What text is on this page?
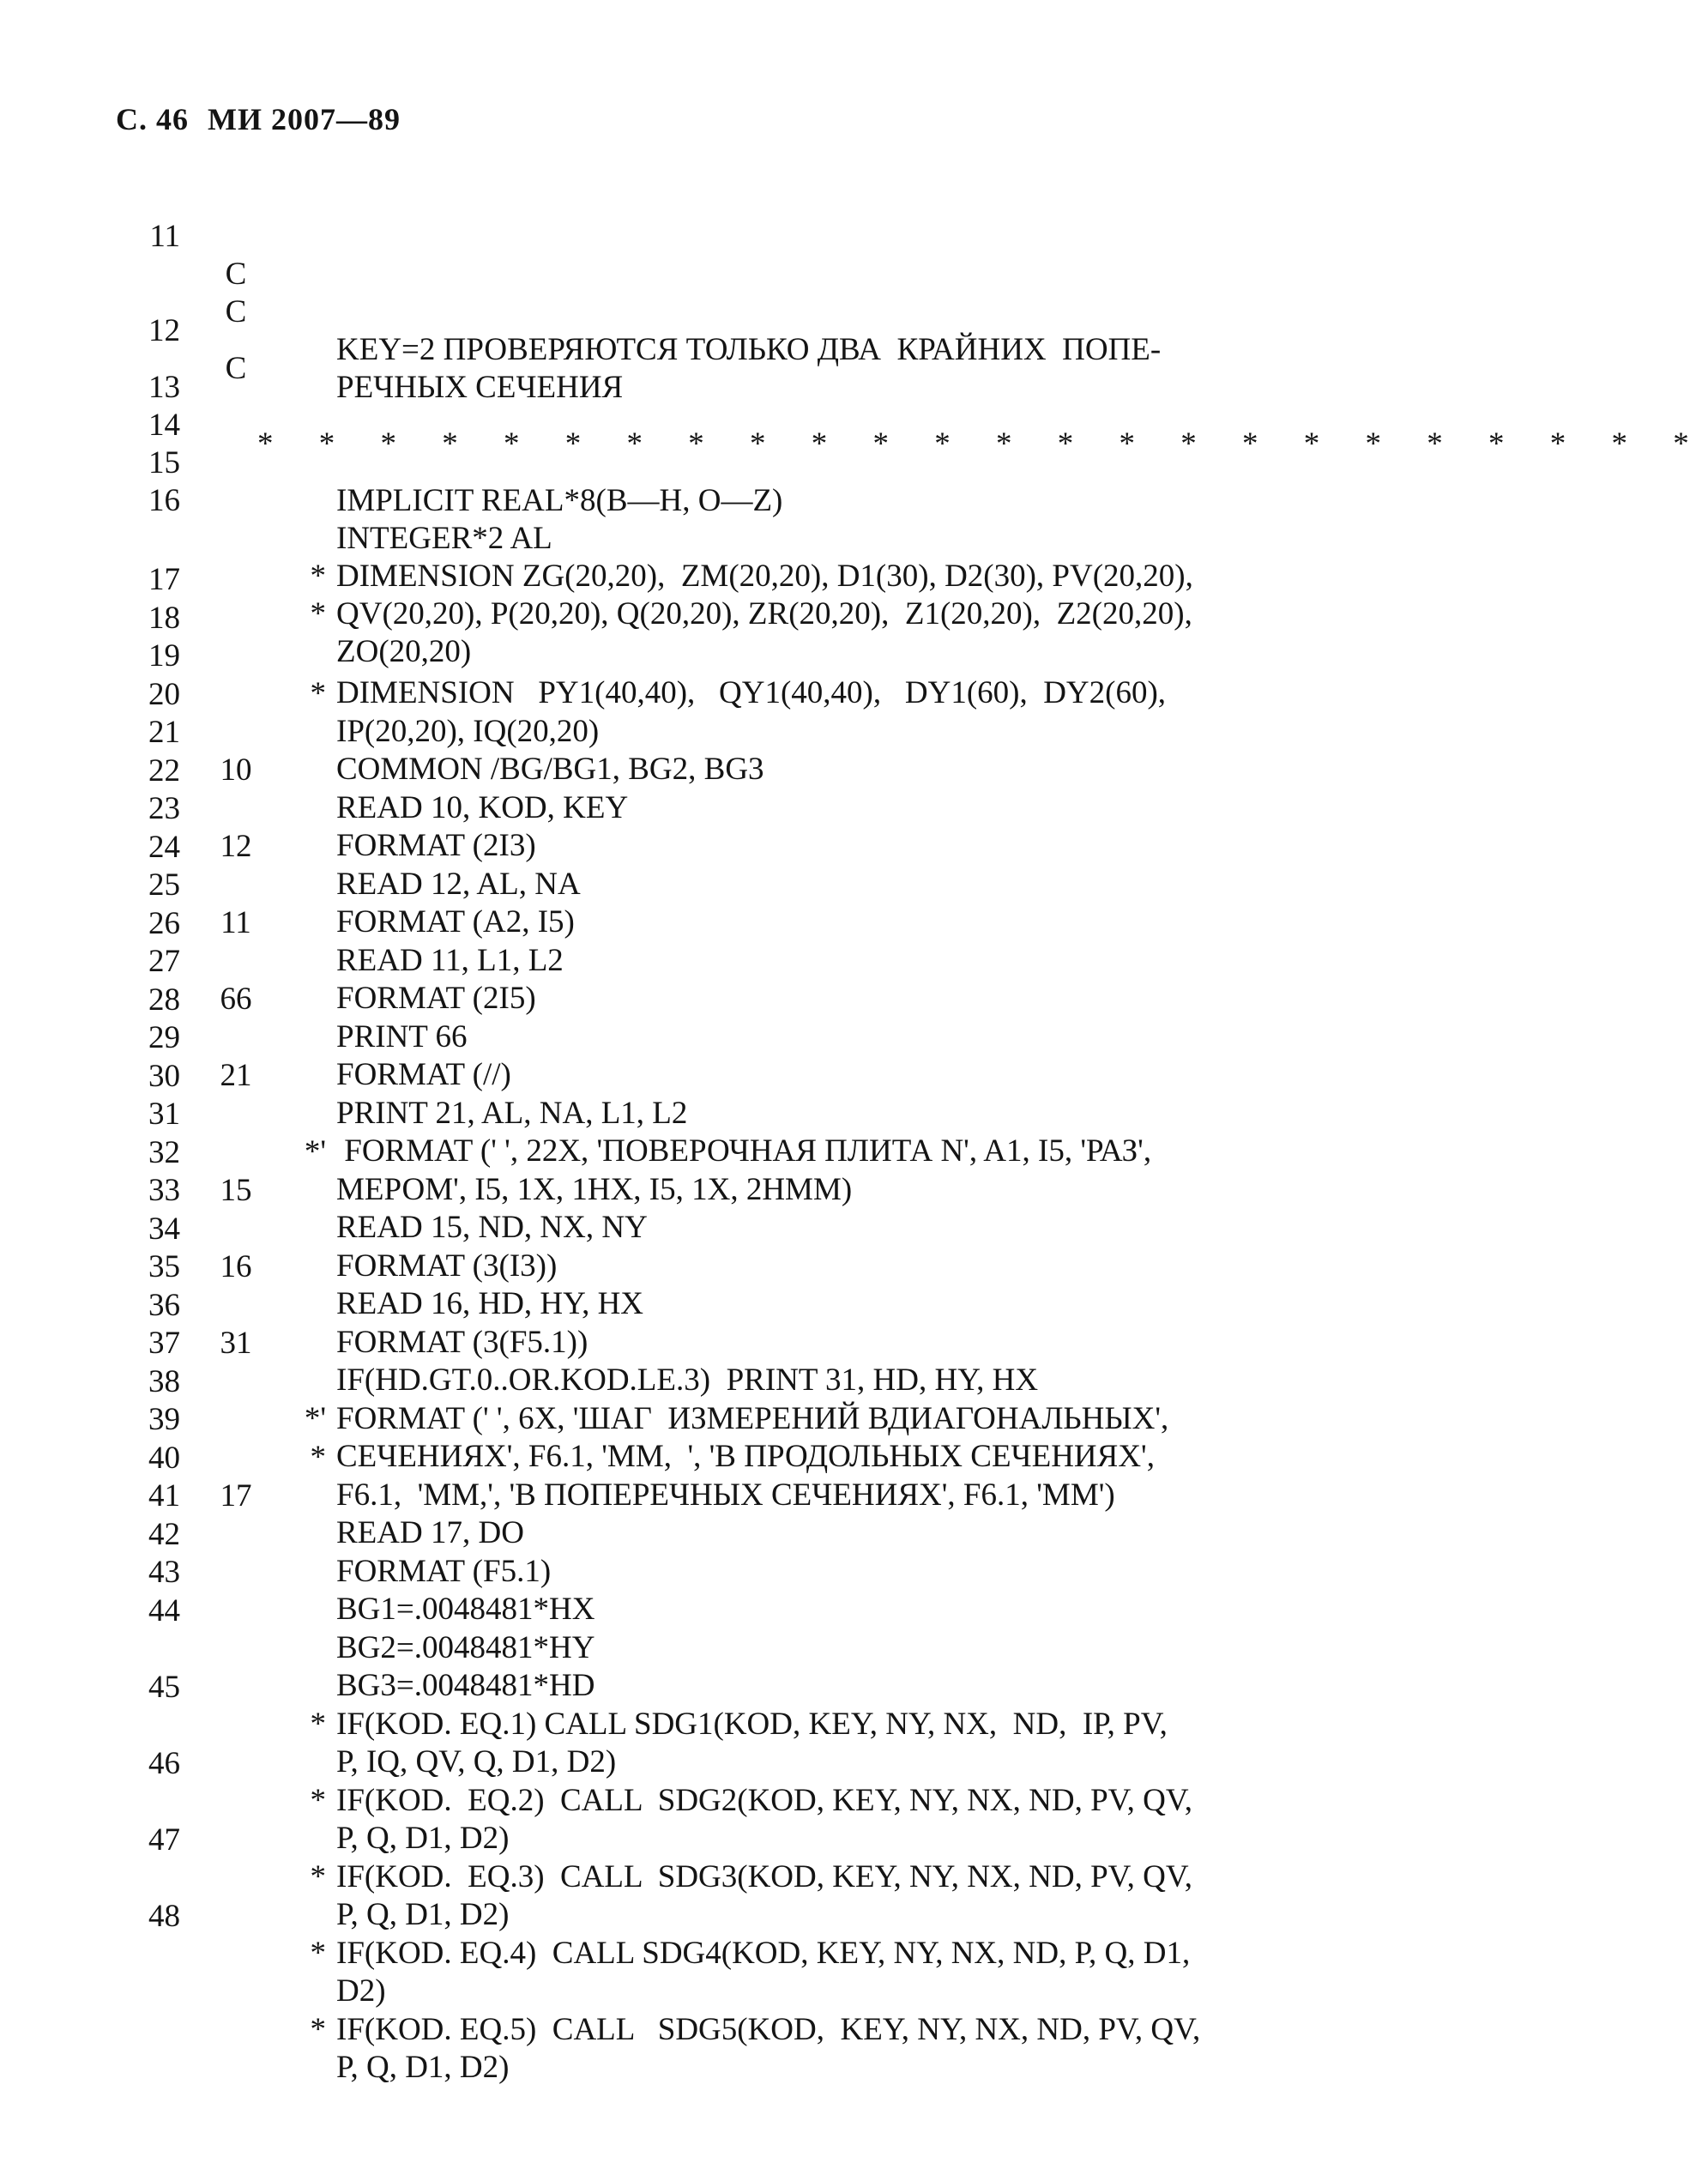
С. 46 МИ 2007—89

11

C

KEY=2 ПРОВЕРЯЮТСЯ ТОЛЬКО ДВА  КРАЙНИХ  ПОПЕ-

C

РЕЧНЫХ СЕЧЕНИЯ

12

C

* * * * * * * * * * * * * * * * * * * * * * * *

13

IMPLICIT REAL*8(B—H, O—Z)

14

INTEGER*2 AL

15

DIMENSION ZG(20,20),  ZM(20,20), D1(30), D2(30), PV(20,20),

16

*

QV(20,20), P(20,20), Q(20,20), ZR(20,20),  Z1(20,20),  Z2(20,20),

*

ZO(20,20)

17

DIMENSION   PY1(40,40),   QY1(40,40),   DY1(60),  DY2(60),

18

*

IP(20,20), IQ(20,20)

19

COMMON /BG/BG1, BG2, BG3

20

READ 10, KOD, KEY

21

10

FORMAT (2I3)

22

READ 12, AL, NA

23

12

FORMAT (A2, I5)

24

READ 11, L1, L2

25

11

FORMAT (2I5)

26

PRINT 66

27

66

FORMAT (//)

28

PRINT 21, AL, NA, L1, L2

29

21

FORMAT (' ', 22X, 'ПОВЕРОЧНАЯ ПЛИТА N', A1, I5, 'РАЗ',

30

*'

МЕРОМ', I5, 1X, 1HX, I5, 1X, 2HMM)

31

READ 15, ND, NX, NY

32

15

FORMAT (3(I3))

33

READ 16, HD, HY, HX

34

16

FORMAT (3(F5.1))

35

IF(HD.GT.0..OR.KOD.LE.3)  PRINT 31, HD, HY, HX

36

31

FORMAT (' ', 6X, 'ШАГ  ИЗМЕРЕНИЙ ВДИАГОНАЛЬНЫХ',

37

*'

СЕЧЕНИЯХ', F6.1, 'MM,  ', 'В ПРОДОЛЬНЫХ СЕЧЕНИЯХ',

38

*

F6.1,  'MM,', 'В ПОПЕРЕЧНЫХ СЕЧЕНИЯХ', F6.1, 'MM')

39

READ 17, DO

40

17

FORMAT (F5.1)

41

BG1=.0048481*HX

42

BG2=.0048481*HY

43

BG3=.0048481*HD

44

IF(KOD. EQ.1) CALL SDG1(KOD, KEY, NY, NX,  ND,  IP, PV,

*

P, IQ, QV, Q, D1, D2)

45

IF(KOD.  EQ.2)  CALL  SDG2(KOD, KEY, NY, NX, ND, PV, QV,

*

P, Q, D1, D2)

46

IF(KOD.  EQ.3)  CALL  SDG3(KOD, KEY, NY, NX, ND, PV, QV,

*

P, Q, D1, D2)

47

IF(KOD. EQ.4)  CALL SDG4(KOD, KEY, NY, NX, ND, P, Q, D1,

*

D2)

48

IF(KOD. EQ.5)  CALL   SDG5(KOD,  KEY, NY, NX, ND, PV, QV,

*

P, Q, D1, D2)
